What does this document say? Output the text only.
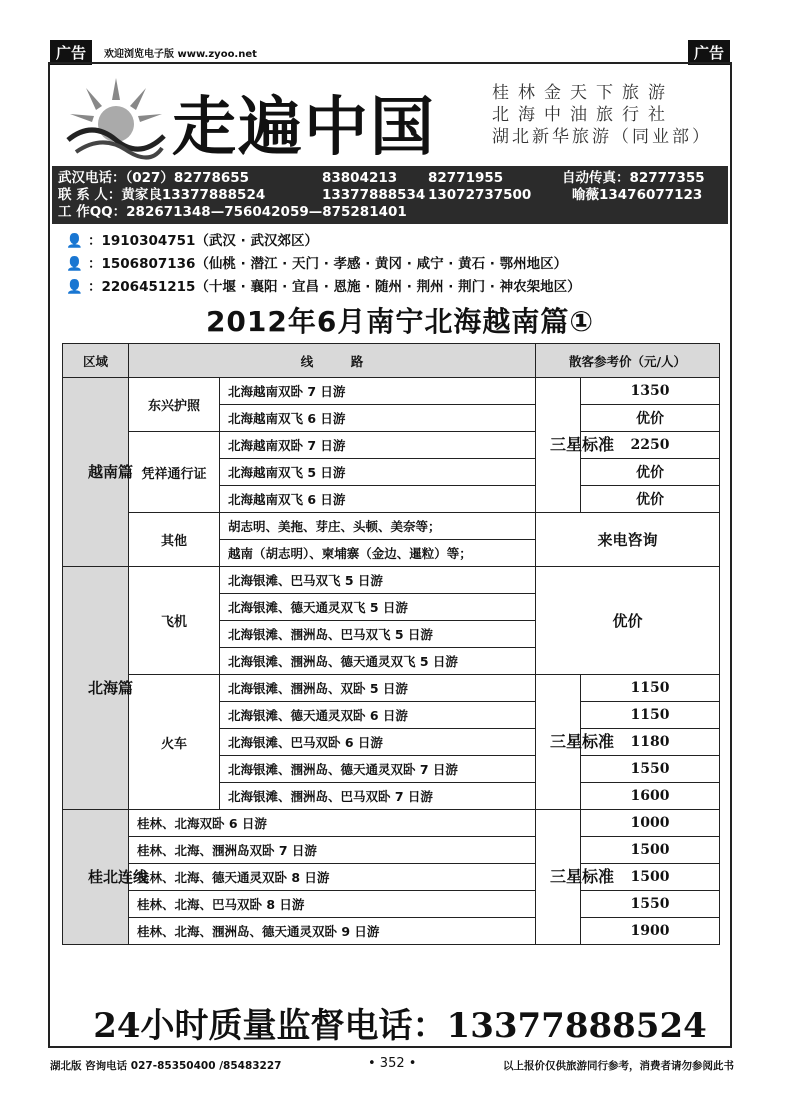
广告	欢迎浏览电子版 www.zyoo.net	广告
走遍中国	桂林金天下旅游
北海中油旅行社
湖北新华旅游（同业部）
武汉电话：（027）82778655	83804213 82771955	自动传真：82777355
联 系 人：黄家良13377888524	13377888534 13072737500	喻薇13476077123
工 作QQ：282671348—756042059—875281401
👤 ：1910304751（武汉 · 武汉郊区）
👤 ：1506807136（仙桃 · 潜江 · 天门 · 孝感 · 黄冈 · 咸宁 · 黄石 · 鄂州地区）
👤 ：2206451215（十堰 · 襄阳 · 宜昌 · 恩施 · 随州 · 荆州 · 荆门 · 神农架地区）
2012年6月南宁北海越南篇①
区域	线　　　路		散客参考价（元/人）	
越南篇	东兴护照	北海越南双卧 7 日游	三星标准	1350
		北海越南双飞 6 日游		优价
	凭祥通行证	北海越南双卧 7 日游		2250
		北海越南双飞 5 日游		优价
		北海越南双飞 6 日游		优价
	其他	胡志明、美拖、芽庄、头顿、美奈等；	来电咨询	
		越南（胡志明）、柬埔寨（金边、暹粒）等；		
北海篇	飞机	北海银滩、巴马双飞 5 日游	优价	
		北海银滩、德天通灵双飞 5 日游		
		北海银滩、涠洲岛、巴马双飞 5 日游		
		北海银滩、涠洲岛、德天通灵双飞 5 日游		
	火车	北海银滩、涠洲岛、双卧 5 日游	三星标准	1150
		北海银滩、德天通灵双卧 6 日游		1150
		北海银滩、巴马双卧 6 日游		1180
		北海银滩、涠洲岛、德天通灵双卧 7 日游		1550
		北海银滩、涠洲岛、巴马双卧 7 日游		1600
桂北连线	桂林、北海双卧 6 日游		三星标准	1000
	桂林、北海、涠洲岛双卧 7 日游			1500
	桂林、北海、德天通灵双卧 8 日游			1500
	桂林、北海、巴马双卧 8 日游			1550
	桂林、北海、涠洲岛、德天通灵双卧 9 日游			1900
24小时质量监督电话：13377888524
湖北版 咨询电话 027-85350400 /85483227	• 352 •	以上报价仅供旅游同行参考，消费者请勿参阅此书
